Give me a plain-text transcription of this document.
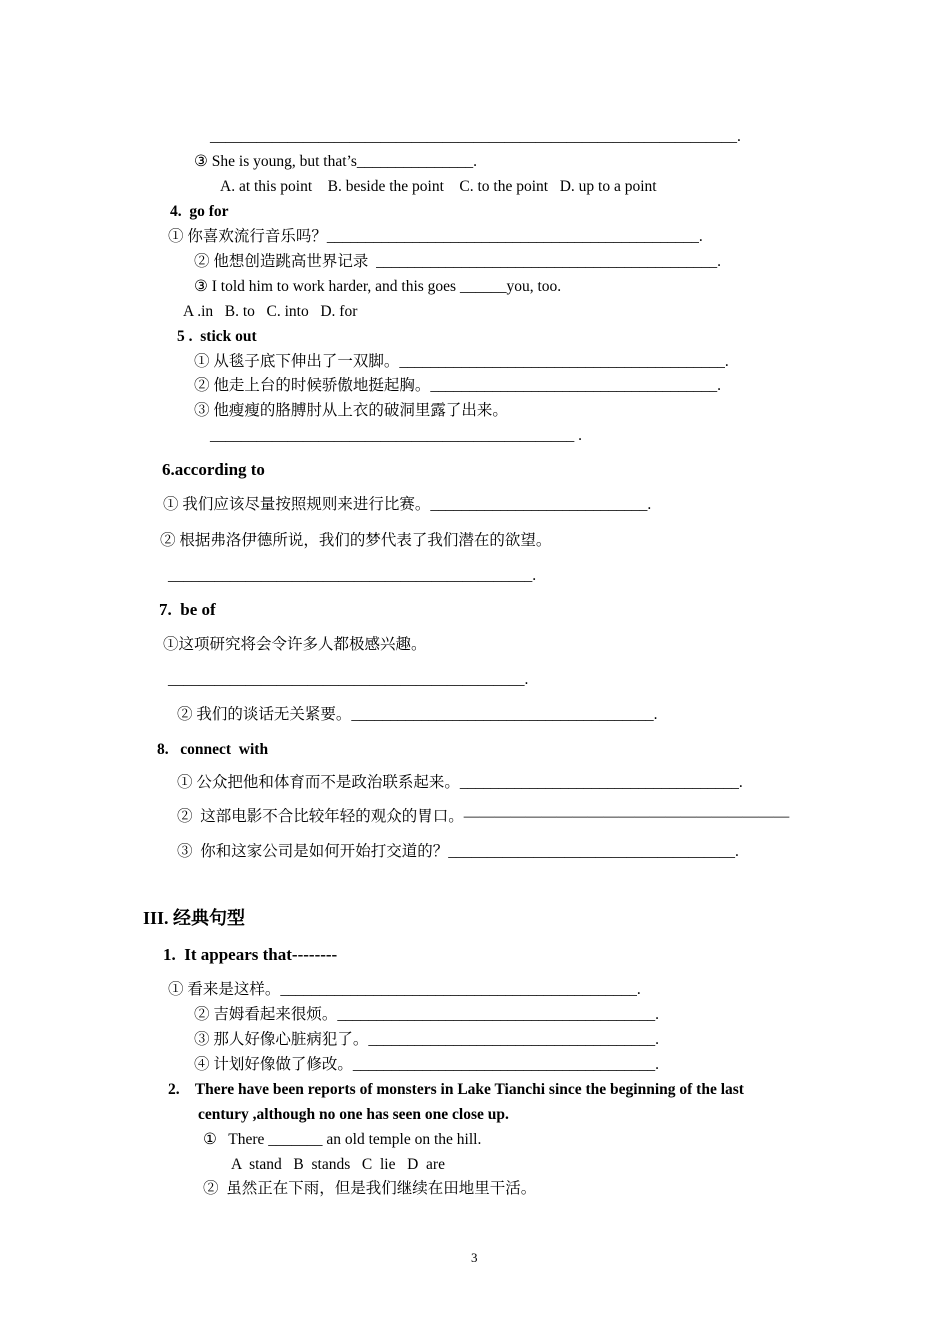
____________________________________________________________________.
③ She is young, but that’s_______________.
A. at this point    B. beside the point    C. to the point   D. up to a point
4.  go for
① 你喜欢流行音乐吗？________________________________________________.
② 他想创造跳高世界记录  ____________________________________________.
③ I told him to work harder, and this goes ______you, too.
A .in   B. to   C. into   D. for
5 .  stick out
① 从毯子底下伸出了一双脚。__________________________________________.
② 他走上台的时候骄傲地挺起胸。_____________________________________.
③ 他瘦瘦的胳膊肘从上衣的破洞里露了出来。
_______________________________________________ .
6.according to
① 我们应该尽量按照规则来进行比赛。____________________________.
② 根据弗洛伊德所说，我们的梦代表了我们潜在的欲望。
_______________________________________________.
7.  be of
①这项研究将会令许多人都极感兴趣。
______________________________________________.
② 我们的谈话无关紧要。_______________________________________.
8.   connect  with
① 公众把他和体育而不是政治联系起来。____________________________________.
②  这部电影不合比较年轻的观众的胃口。—————————————————————
③  你和这家公司是如何开始打交道的？_____________________________________.
III. 经典句型
1.  It appears that--------
① 看来是这样。______________________________________________.
② 吉姆看起来很烦。_________________________________________.
③ 那人好像心脏病犯了。_____________________________________.
④ 计划好像做了修改。_______________________________________.
2.    There have been reports of monsters in Lake Tianchi since the beginning of the last
century ,although no one has seen one close up.
①   There _______ an old temple on the hill.
A  stand   B  stands   C  lie   D  are
②  虽然正在下雨，但是我们继续在田地里干活。
3
